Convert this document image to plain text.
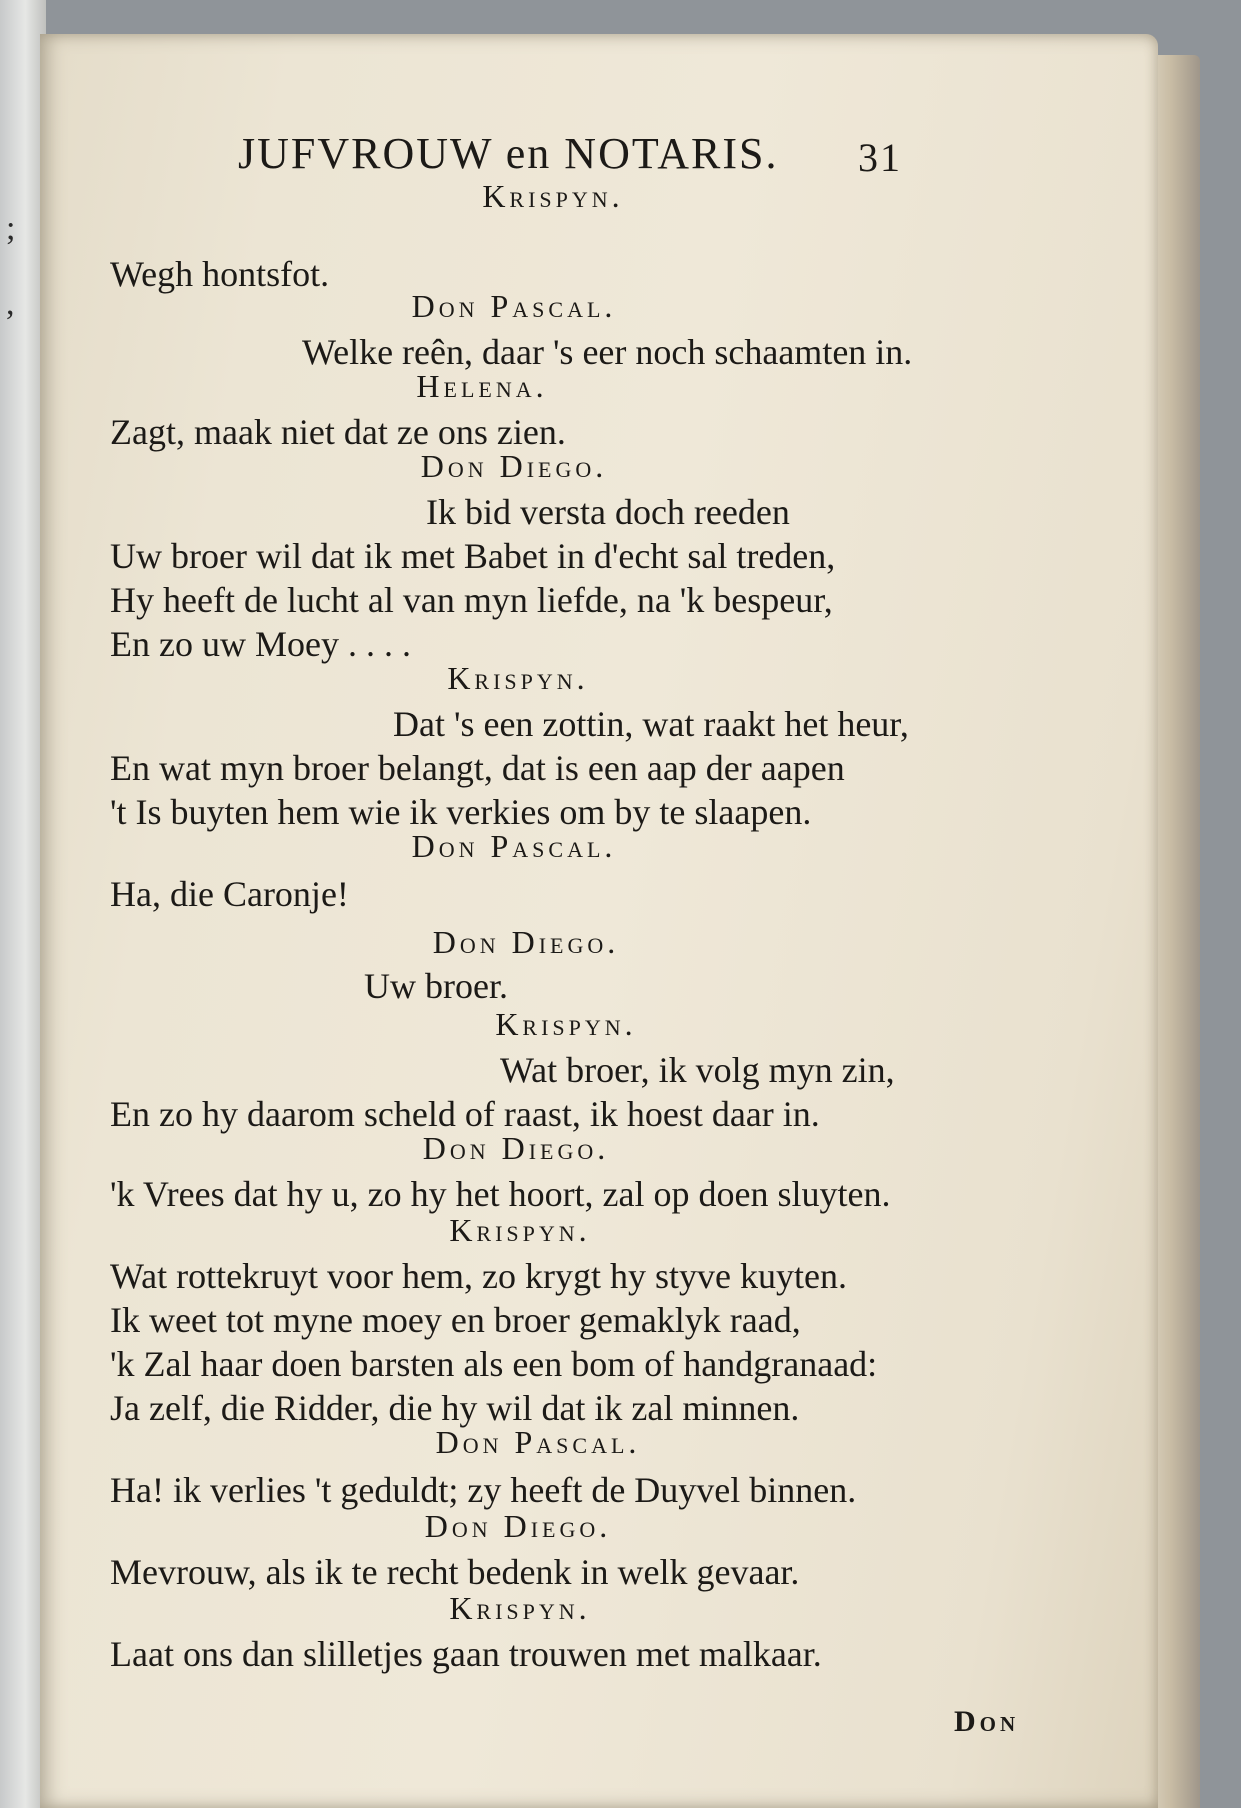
;
,
JUFVROUW en NOTARIS. 31
Krispyn.
Wegh hontsfot.
Don Pascal.
Welke reên, daar 's eer noch schaamten in.
Helena.
Zagt, maak niet dat ze ons zien.
Don Diego.
Ik bid versta doch reeden
Uw broer wil dat ik met Babet in d'echt sal treden,
Hy heeft de lucht al van myn liefde, na 'k bespeur,
En zo uw Moey . . . .
Krispyn.
Dat 's een zottin, wat raakt het heur,
En wat myn broer belangt, dat is een aap der aapen
't Is buyten hem wie ik verkies om by te slaapen.
Don Pascal.
Ha, die Caronje!
Don Diego.
Uw broer.
Krispyn.
Wat broer, ik volg myn zin,
En zo hy daarom scheld of raast, ik hoest daar in.
Don Diego.
'k Vrees dat hy u, zo hy het hoort, zal op doen sluyten.
Krispyn.
Wat rottekruyt voor hem, zo krygt hy styve kuyten.
Ik weet tot myne moey en broer gemaklyk raad,
'k Zal haar doen barsten als een bom of handgranaad:
Ja zelf, die Ridder, die hy wil dat ik zal minnen.
Don Pascal.
Ha! ik verlies 't geduldt; zy heeft de Duyvel binnen.
Don Diego.
Mevrouw, als ik te recht bedenk in welk gevaar.
Krispyn.
Laat ons dan slilletjes gaan trouwen met malkaar.
Don
